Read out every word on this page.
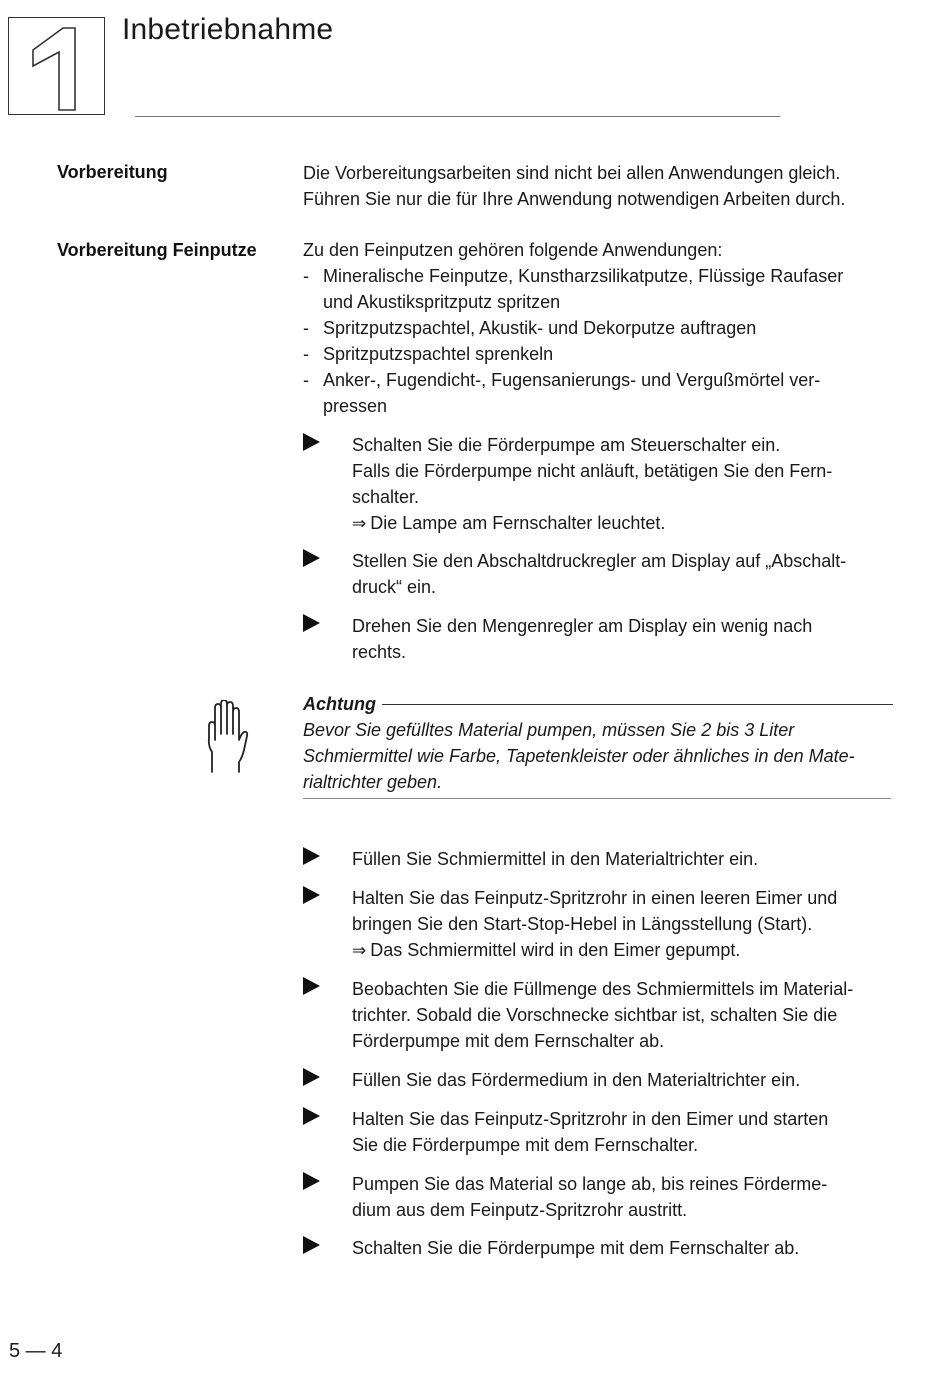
Inbetriebnahme
Vorbereitung	Die Vorbereitungsarbeiten sind nicht bei allen Anwendungen gleich.

Führen Sie nur die für Ihre Anwendung notwendigen Arbeiten durch.

Vorbereitung Feinputze	Zu den Feinputzen gehören folgende Anwendungen:

- Mineralische Feinputze, Kunstharzsilikatputze, Flüssige Raufaser
und Akustikspritzputz spritzen
- Spritzputzspachtel, Akustik- und Dekorputze auftragen
- Spritzputzspachtel sprenkeln
- Anker-, Fugendicht-, Fugensanierungs- und Vergußmörtel ver-
pressen
Schalten Sie die Förderpumpe am Steuerschalter ein.
Falls die Förderpumpe nicht anläuft, betätigen Sie den Fern-
schalter.
⇒ Die Lampe am Fernschalter leuchtet.
Stellen Sie den Abschaltdruckregler am Display auf „Abschalt-
druck“ ein.
Drehen Sie den Mengenregler am Display ein wenig nach
rechts.
Achtung
Bevor Sie gefülltes Material pumpen, müssen Sie 2 bis 3 Liter
Schmiermittel wie Farbe, Tapetenkleister oder ähnliches in den Mate-
rialtrichter geben.
Füllen Sie Schmiermittel in den Materialtrichter ein.
Halten Sie das Feinputz-Spritzrohr in einen leeren Eimer und
bringen Sie den Start-Stop-Hebel in Längsstellung (Start).
⇒ Das Schmiermittel wird in den Eimer gepumpt.
Beobachten Sie die Füllmenge des Schmiermittels im Material-
trichter. Sobald die Vorschnecke sichtbar ist, schalten Sie die
Förderpumpe mit dem Fernschalter ab.
Füllen Sie das Fördermedium in den Materialtrichter ein.
Halten Sie das Feinputz-Spritzrohr in den Eimer und starten
Sie die Förderpumpe mit dem Fernschalter.
Pumpen Sie das Material so lange ab, bis reines Förderme-
dium aus dem Feinputz-Spritzrohr austritt.
Schalten Sie die Förderpumpe mit dem Fernschalter ab.
5 — 4
